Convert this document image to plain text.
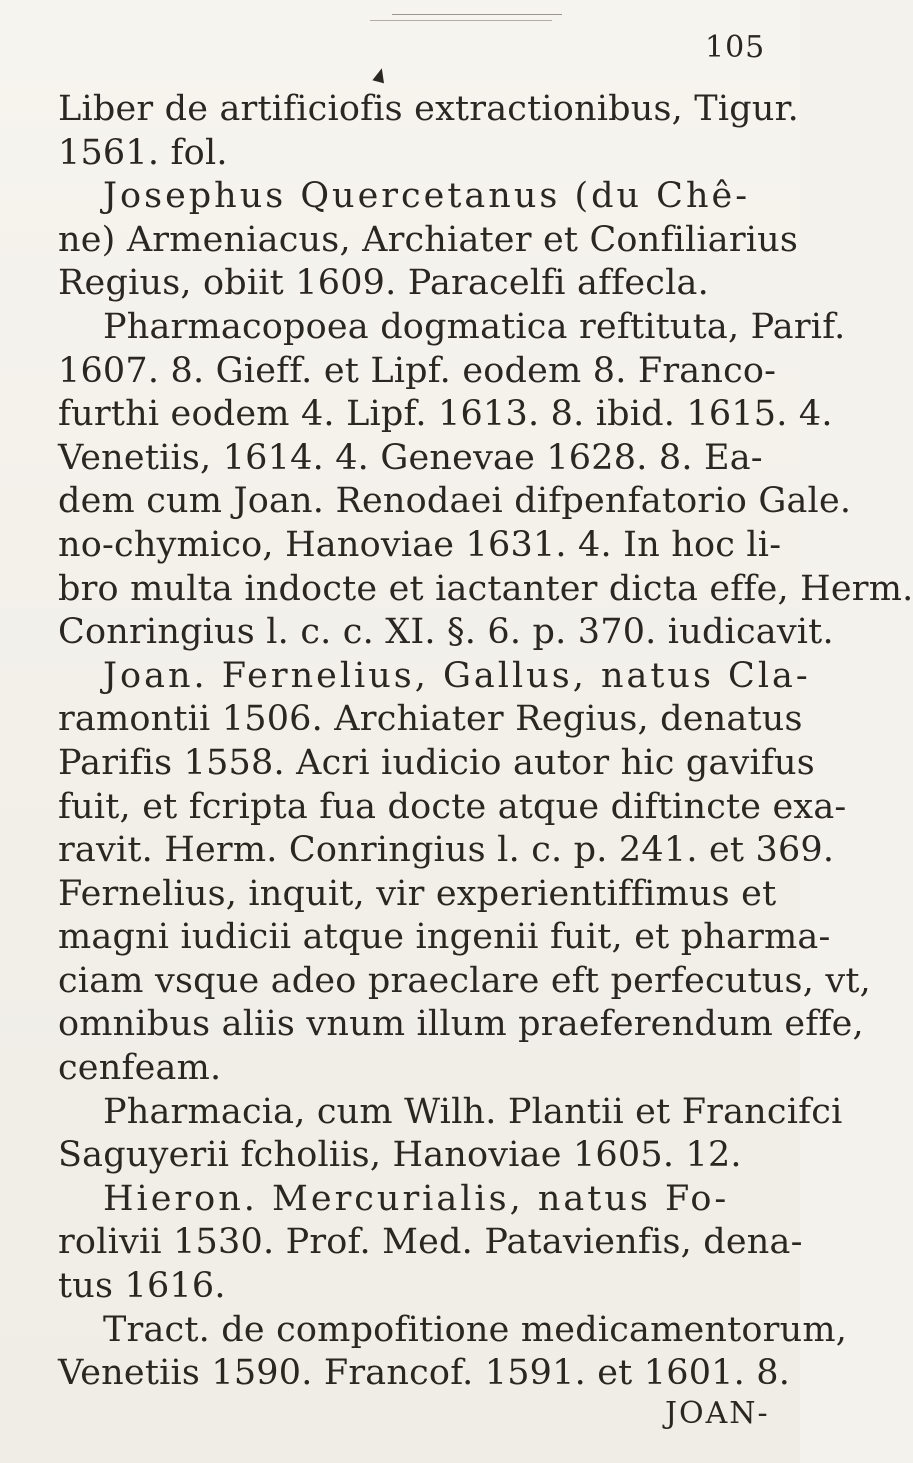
105
Liber de artificiofis extractionibus, Tigur.
1561. fol.
Josephus Quercetanus (du Chê-
ne) Armeniacus, Archiater et Confiliarius
Regius, obiit 1609. Paracelfi affecla.
Pharmacopoea dogmatica reftituta, Parif.
1607. 8. Gieff. et Lipf. eodem 8. Franco-
furthi eodem 4. Lipf. 1613. 8. ibid. 1615. 4.
Venetiis, 1614. 4. Genevae 1628. 8. Ea-
dem cum Joan. Renodaei difpenfatorio Gale.
no-chymico, Hanoviae 1631. 4. In hoc li-
bro multa indocte et iactanter dicta effe, Herm.
Conringius l. c. c. XI. §. 6. p. 370. iudicavit.
Joan. Fernelius, Gallus, natus Cla-
ramontii 1506. Archiater Regius, denatus
Parifis 1558. Acri iudicio autor hic gavifus
fuit, et fcripta fua docte atque diftincte exa-
ravit. Herm. Conringius l. c. p. 241. et 369.
Fernelius, inquit, vir experientiffimus et
magni iudicii atque ingenii fuit, et pharma-
ciam vsque adeo praeclare eft perfecutus, vt,
omnibus aliis vnum illum praeferendum effe,
cenfeam.
Pharmacia, cum Wilh. Plantii et Francifci
Saguyerii fcholiis, Hanoviae 1605. 12.
Hieron. Mercurialis, natus Fo-
rolivii 1530. Prof. Med. Patavienfis, dena-
tus 1616.
Tract. de compofitione medicamentorum,
Venetiis 1590. Francof. 1591. et 1601. 8.
JOAN-
